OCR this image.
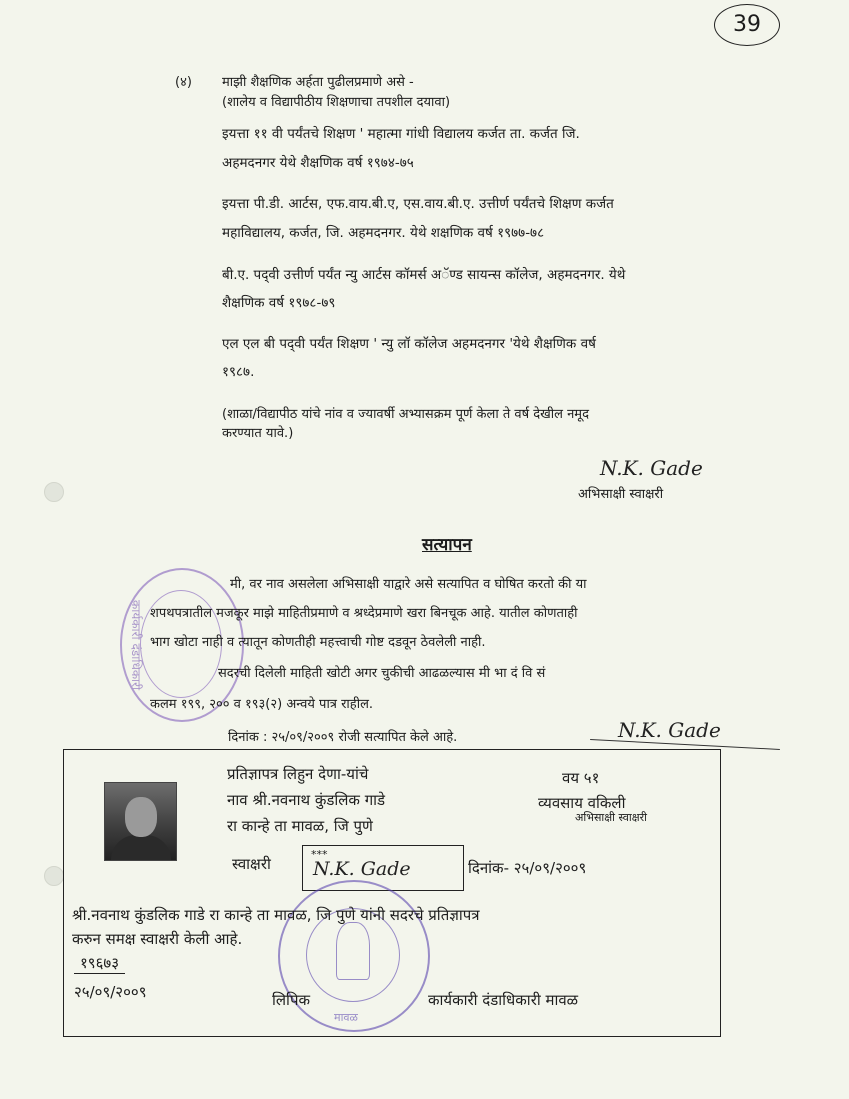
39
(४) माझी शैक्षणिक अर्हता पुढीलप्रमाणे असे -
(शालेय व विद्यापीठीय शिक्षणाचा तपशील दयावा)
इयत्ता ११ वी पर्यंतचे शिक्षण ' महात्मा गांधी विद्यालय कर्जत ता. कर्जत जि.
अहमदनगर येथे शैक्षणिक वर्ष १९७४-७५
इयत्ता पी.डी. आर्टस, एफ.वाय.बी.ए, एस.वाय.बी.ए. उत्तीर्ण पर्यंतचे शिक्षण कर्जत
महाविद्यालय, कर्जत, जि. अहमदनगर. येथे शक्षणिक वर्ष १९७७-७८
बी.ए. पद्‌वी उत्तीर्ण पर्यंत न्यु आर्टस कॉमर्स अॅण्ड सायन्स कॉलेज, अहमदनगर. येथे
शैक्षणिक वर्ष १९७८-७९
एल एल बी पद्‌वी पर्यंत शिक्षण ' न्यु लॉ कॉलेज अहमदनगर 'येथे शैक्षणिक वर्ष
१९८७.
(शाळा/विद्यापीठ यांचे नांव व ज्यावर्षी अभ्यासक्रम पूर्ण केला ते वर्ष देखील नमूद
करण्यात यावे.)
N.K. Gade
अभिसाक्षी स्वाक्षरी
सत्यापन
कार्यकारी दंडाधिकारी
मी, वर नाव असलेला अभिसाक्षी याद्वारे असे सत्यापित व घोषित करतो की या
शपथपत्रातील मजकूर माझे माहितीप्रमाणे व श्रध्देप्रमाणे खरा बिनचूक आहे. यातील कोणताही
भाग खोटा नाही व त्यातून कोणतीही महत्त्वाची गोष्ट दडवून ठेवलेली नाही.
सदरची दिलेली माहिती खोटी अगर चुकीची आढळल्यास मी भा दं वि सं
कलम १९९, २०० व १९३(२) अन्वये पात्र राहील.
दिनांक : २५/०९/२००९ रोजी सत्यापित केले आहे.	N.K. Gade
प्रतिज्ञापत्र लिहुन देणा-यांचे
नाव श्री.नवनाथ कुंडलिक गाडे
रा कान्हे ता मावळ, जि पुणे
वय ५१
व्यवसाय वकिली
अभिसाक्षी स्वाक्षरी
स्वाक्षरी
***
N.K. Gade	दिनांक- २५/०९/२००९
मावळ
श्री.नवनाथ कुंडलिक गाडे रा कान्हे ता मावळ, जि पुणे यांनी सदरचे प्रतिज्ञापत्र
करुन समक्ष स्वाक्षरी केली आहे.
१९६७३
२५/०९/२००९	लिपिक	कार्यकारी दंडाधिकारी मावळ
